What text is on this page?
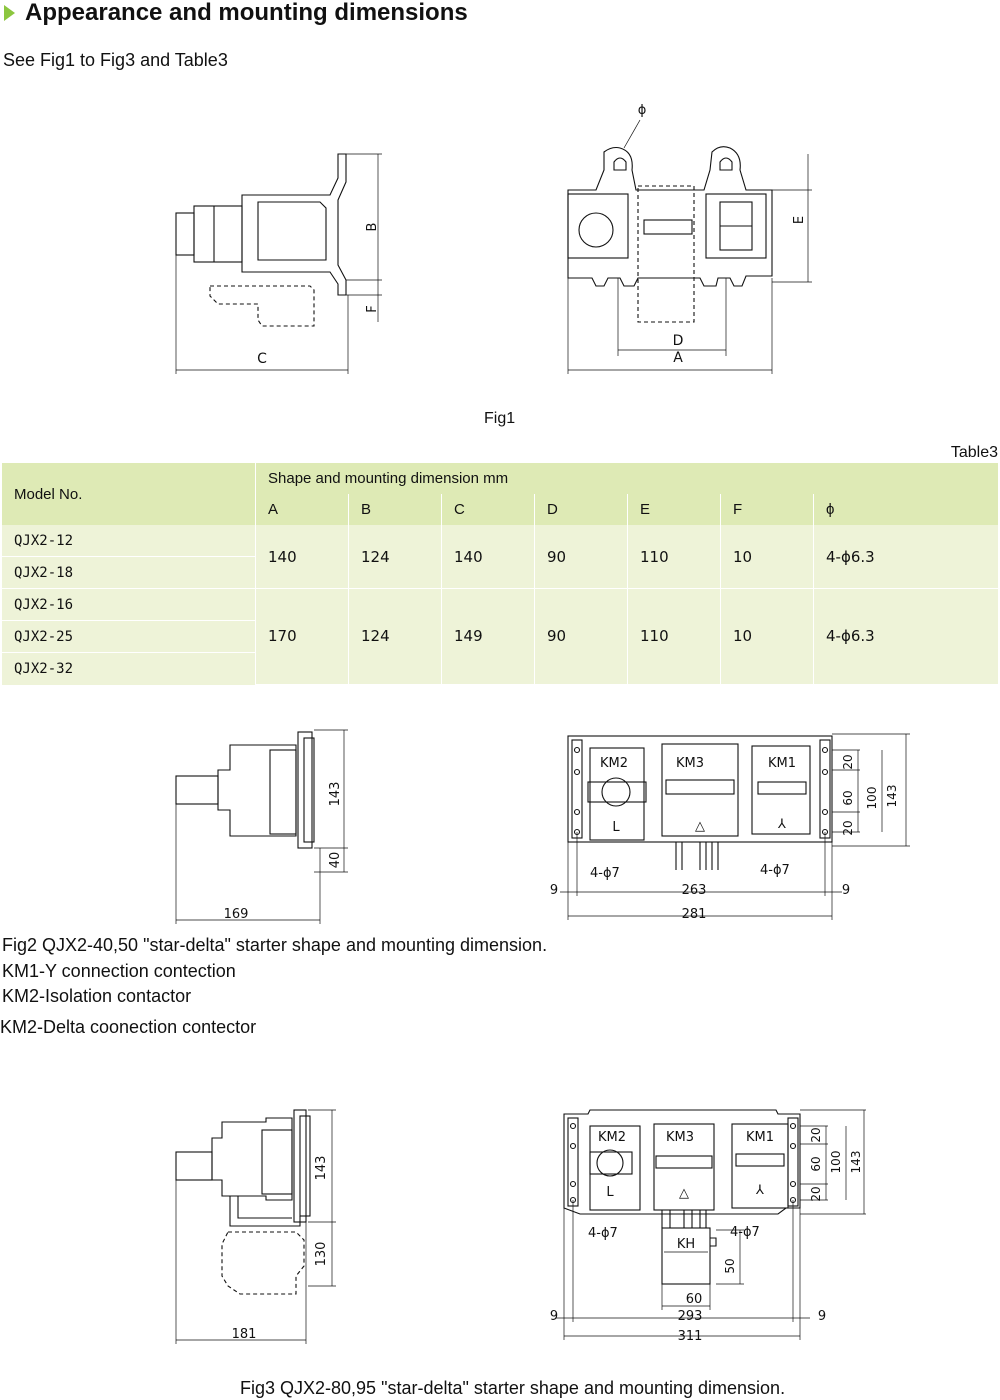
Appearance and mounting dimensions
See Fig1 to Fig3 and Table3
B
F
C
ϕ
D
A
E
Fig1
Table3
Model No.	Shape and mounting dimension mm						
	A	B	C	D	E	F	ϕ
QJX2-12	140	124	140	90	110	10	4-ϕ6.3
QJX2-18							
QJX2-16	170	124	149	90	110	10	4-ϕ6.3
QJX2-25							
QJX2-32							
143
40
169
KM2	KM3	KM1
L	△	⅄
4-ϕ7	4-ϕ7
20
60
20
100 143
9	9
263
281
Fig2 QJX2-40,50 "star-delta" starter shape and mounting dimension.
KM1-Y connection contection
KM2-Isolation contactor
KM2-Delta coonection contector
143
130
181
KM2	KM3	KM1
L	△	⅄
KH
4-ϕ7	4-ϕ7
20
60
20
100 143
50
60
9	9
293
311
Fig3 QJX2-80,95 "star-delta" starter shape and mounting dimension.
